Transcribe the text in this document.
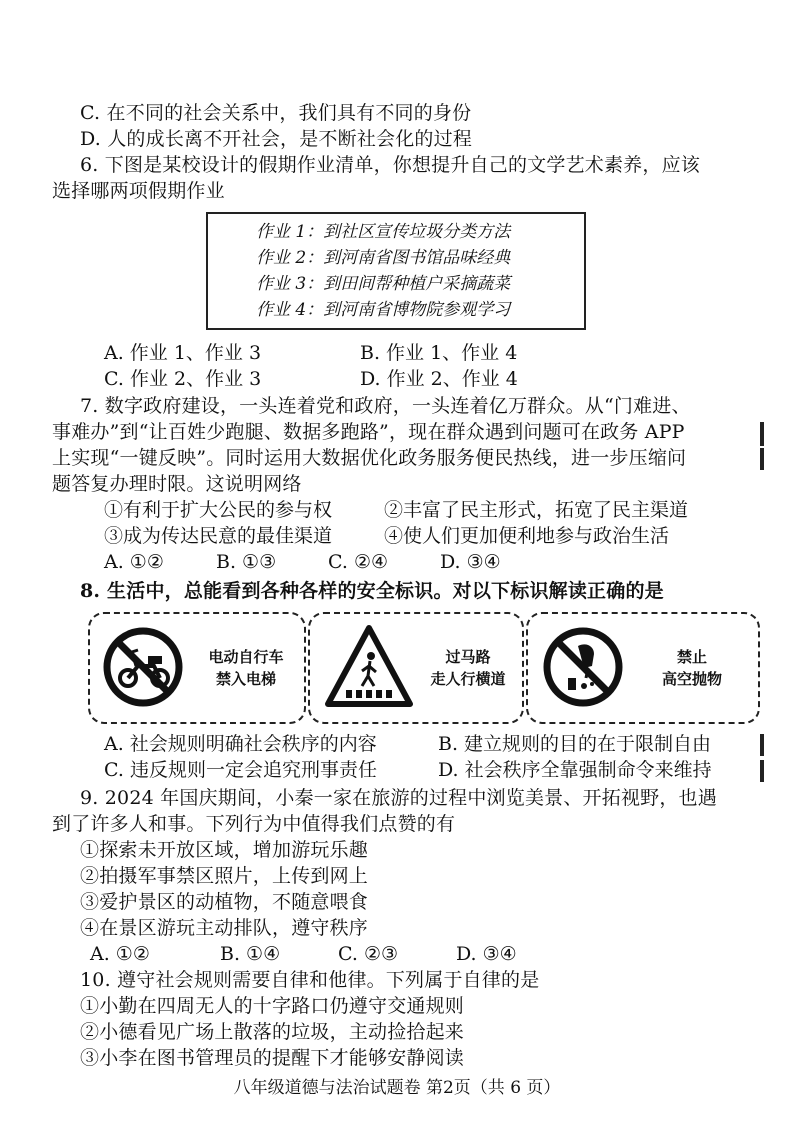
C. 在不同的社会关系中，我们具有不同的身份
D. 人的成长离不开社会，是不断社会化的过程
6. 下图是某校设计的假期作业清单，你想提升自己的文学艺术素养，应该
选择哪两项假期作业
作业 1：到社区宣传垃圾分类方法
作业 2：到河南省图书馆品味经典
作业 3：到田间帮种植户采摘蔬菜
作业 4：到河南省博物院参观学习
A. 作业 1、作业 3	B. 作业 1、作业 4
C. 作业 2、作业 3	D. 作业 2、作业 4
7. 数字政府建设，一头连着党和政府，一头连着亿万群众。从“门难进、
事难办”到“让百姓少跑腿、数据多跑路”，现在群众遇到问题可在政务 APP
上实现“一键反映”。同时运用大数据优化政务服务便民热线，进一步压缩问
题答复办理时限。这说明网络
①有利于扩大公民的参与权	②丰富了民主形式，拓宽了民主渠道
③成为传达民意的最佳渠道	④使人们更加便利地参与政治生活
A. ①②	B. ①③	C. ②④	D. ③④
8. 生活中，总能看到各种各样的安全标识。对以下标识解读正确的是
电动自行车
禁入电梯
过马路
走人行横道
禁止
高空抛物
A. 社会规则明确社会秩序的内容	B. 建立规则的目的在于限制自由
C. 违反规则一定会追究刑事责任	D. 社会秩序全靠强制命令来维持
9. 2024 年国庆期间，小秦一家在旅游的过程中浏览美景、开拓视野，也遇
到了许多人和事。下列行为中值得我们点赞的有
①探索未开放区域，增加游玩乐趣
②拍摄军事禁区照片，上传到网上
③爱护景区的动植物，不随意喂食
④在景区游玩主动排队，遵守秩序
A. ①②	B. ①④	C. ②③	D. ③④
10. 遵守社会规则需要自律和他律。下列属于自律的是
①小勤在四周无人的十字路口仍遵守交通规则
②小德看见广场上散落的垃圾，主动捡拾起来
③小李在图书管理员的提醒下才能够安静阅读
八年级道德与法治试题卷 第2页（共 6 页）
